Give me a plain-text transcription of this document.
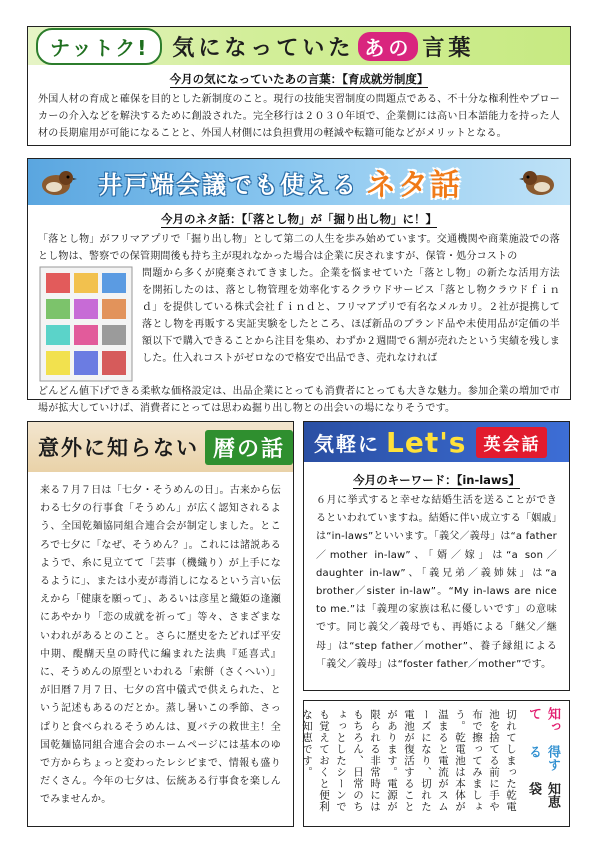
ナットク!	気になっていた あの 言葉

今月の気になっていたあの言葉：【育成就労制度】

外国人材の育成と確保を目的とした新制度のこと。現行の技能実習制度の問題点である、不十分な権利性やブローカーの介入などを解決するために創設された。完全移行は２０３０年頃で、企業側には高い日本語能力を持った人材の長期雇用が可能になることと、外国人材側には負担費用の軽減や転籍可能などがメリットとなる。

井戸端会議でも使える ネタ話

今月のネタ話：【「落とし物」が「掘り出し物」に！】

「落とし物」がフリマアプリで「掘り出し物」として第二の人生を歩み始めています。交通機関や商業施設での落とし物は、警察での保管期間後も持ち主が現れなかった場合は企業に戻されますが、保管・処分コストの

問題から多くが廃棄されてきました。企業を悩ませていた「落とし物」の新たな活用方法を開拓したのは、落とし物管理を効率化するクラウドサービス「落とし物クラウドｆｉｎｄ」を提供している株式会社ｆｉｎｄと、フリマアプリで有名なメルカリ。２社が提携して落とし物を再販する実証実験をしたところ、ほぼ新品のブランド品や未使用品が定価の半額以下で購入できることから注目を集め、わずか２週間で６割が売れたという実績を残しました。仕入れコストがゼロなので格安で出品でき、売れなければ

どんどん値下げできる柔軟な価格設定は、出品企業にとっても消費者にとっても大きな魅力。参加企業の増加で市場が拡大していけば、消費者にとっては思わぬ掘り出し物との出会いの場になりそうです。

意外に知らない 暦の話

来る７月７日は「七夕・そうめんの日」。古来から伝わる七夕の行事食「そうめん」が広く認知されるよう、全国乾麺協同組合連合会が制定しました。ところで七夕に「なぜ、そうめん？」。これには諸説あるようで、糸に見立てて「芸事（機織り）が上手になるように」、または小麦が毒消しになるという言い伝えから「健康を願って」、あるいは彦星と織姫の逢瀬にあやかり「恋の成就を祈って」等々、さまざまないわれがあるとのこと。さらに歴史をたどれば平安中期、醍醐天皇の時代に編まれた法典『延喜式』に、そうめんの原型といわれる「索餅（さくへい）」が旧暦７月７日、七夕の宮中儀式で供えられた、という記述もあるのだとか。蒸し暑いこの季節、さっぱりと食べられるそうめんは、夏バテの救世主！全国乾麺協同組合連合会のホームページには基本のゆで方からちょっと変わったレシピまで、情報も盛りだくさん。今年の七夕は、伝統ある行事食を楽しんでみませんか。

気軽に Let's	英会話

今月のキーワード：【in-laws】

６月に挙式すると幸せな結婚生活を送ることができるといわれていますね。結婚に伴い成立する「姻戚」は“in-laws”といいます。「義父／義母」は“a father／mother in-law”、「婿／嫁」は“a son／daughter in-law”、「義兄弟／義姉妹」は“a brother／sister in-law”。“My in-laws are nice to me.”は「義理の家族は私に優しいです」の意味です。同じ義父／義母でも、再婚による「継父／継母」は“step father／mother”、養子縁組による「義父／義母」は“foster father／mother”です。

切れてしまった乾電池を捨てる前に手や布で擦ってみましょう。乾電池は本体が温まると電流がスムーズになり、切れた電池が復活することがあります。電源が限られる非常時にはもちろん、日常のちょっとしたシーンでも覚えておくと便利な知恵です。	知って
得する
知恵袋
